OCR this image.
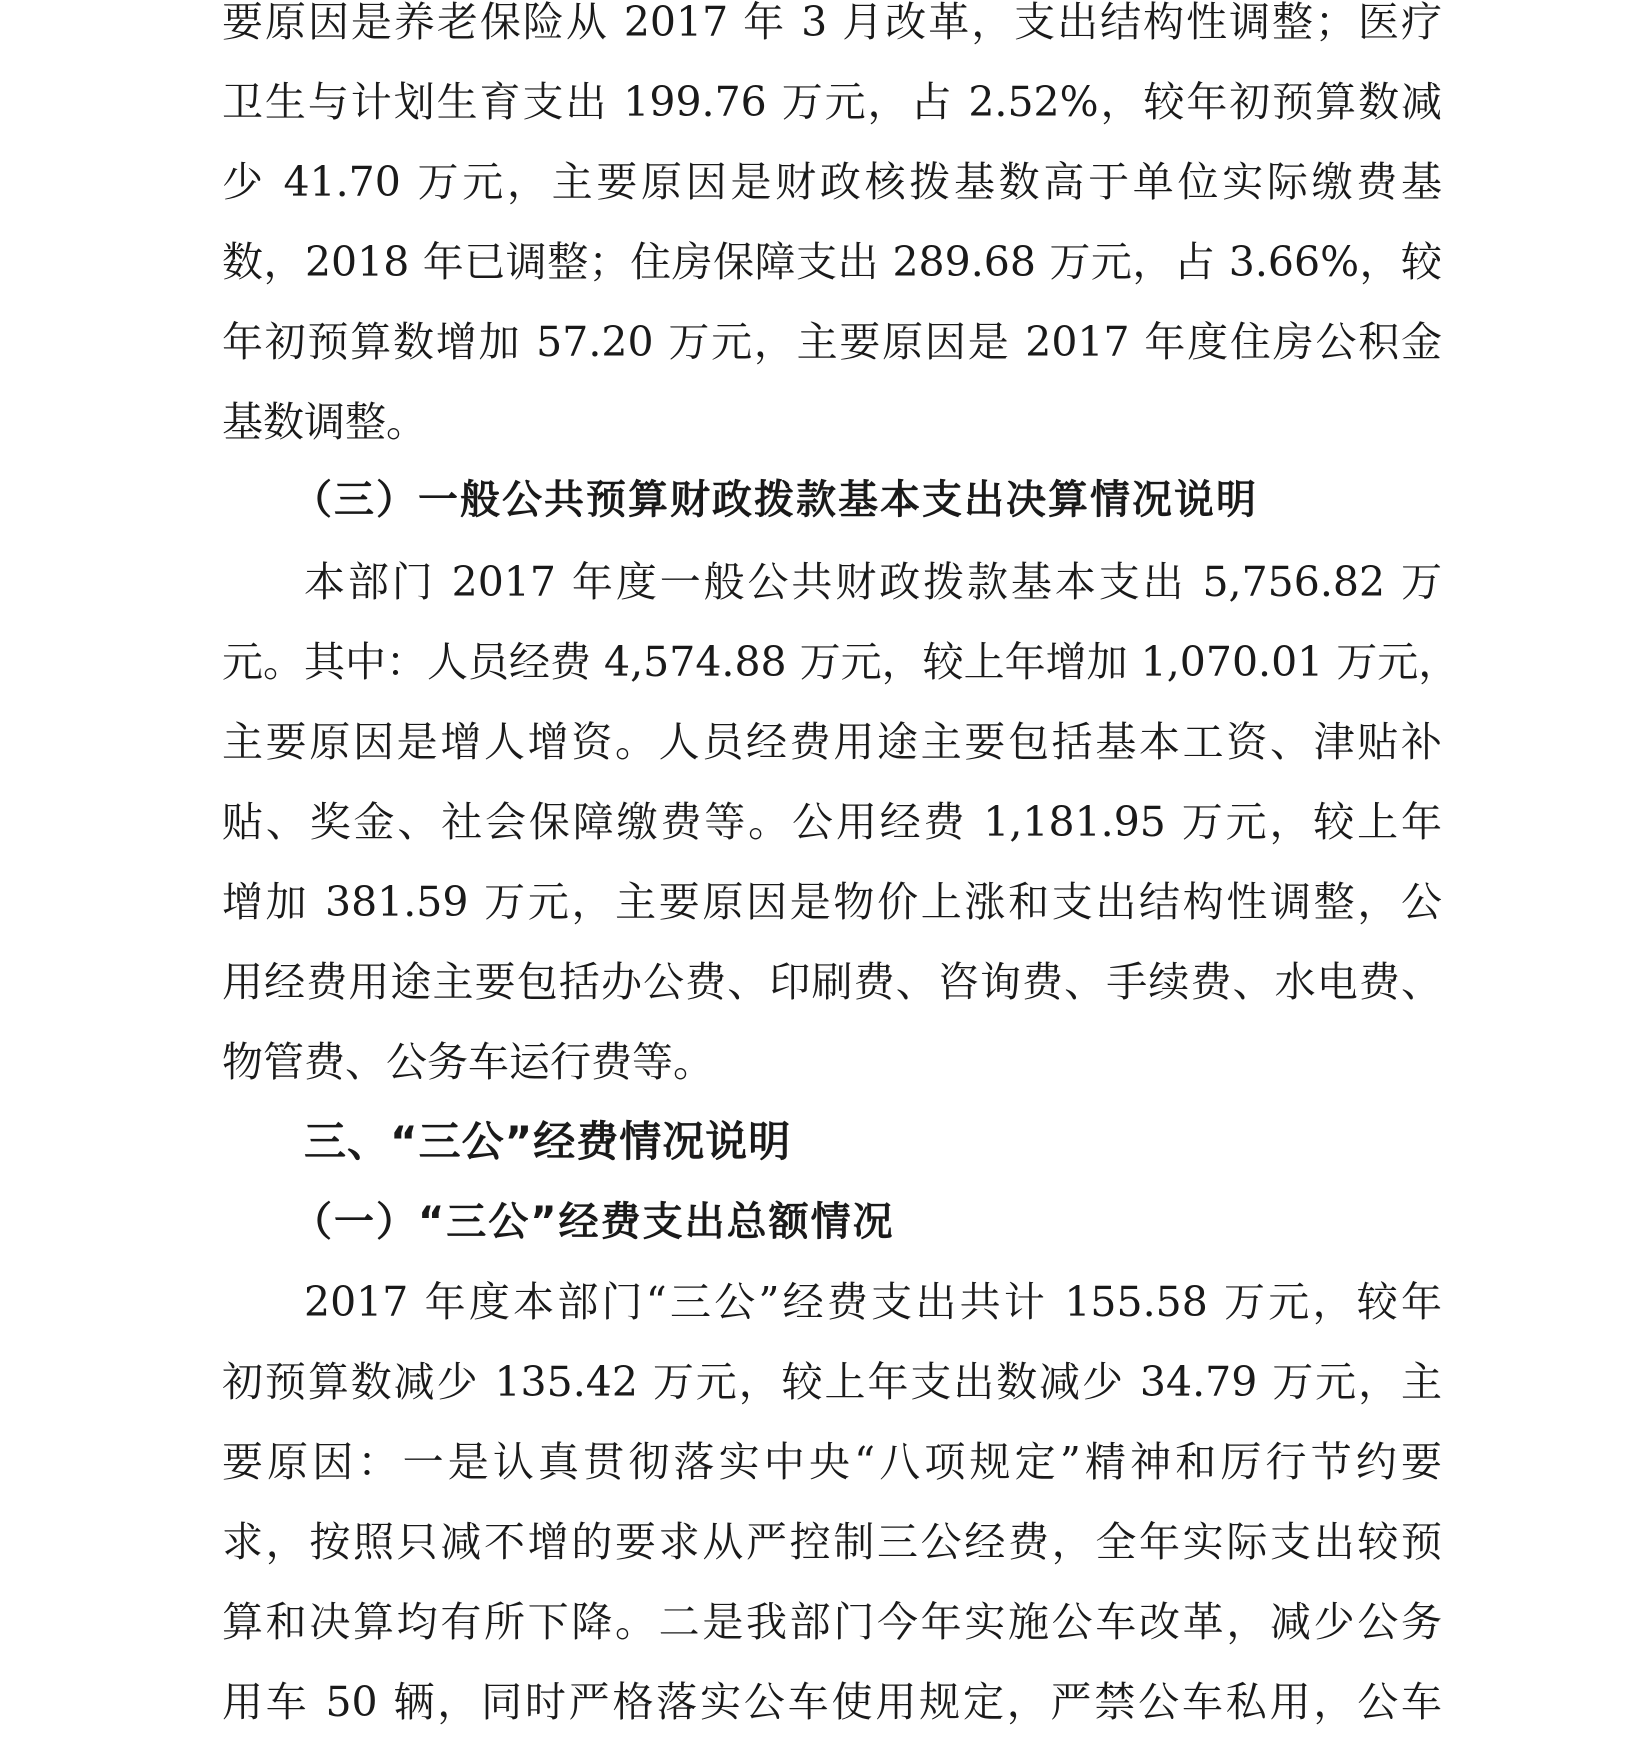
要原因是养老保险从 2017 年 3 月改革，支出结构性调整；医疗
卫生与计划生育支出 199.76 万元，占 2.52%，较年初预算数减
少 41.70 万元，主要原因是财政核拨基数高于单位实际缴费基
数，2018 年已调整；住房保障支出 289.68 万元，占 3.66%，较
年初预算数增加 57.20 万元，主要原因是 2017 年度住房公积金
基数调整。
（三）一般公共预算财政拨款基本支出决算情况说明
本部门 2017 年度一般公共财政拨款基本支出 5,756.82 万
元。其中：人员经费 4,574.88 万元，较上年增加 1,070.01 万元，
主要原因是增人增资。人员经费用途主要包括基本工资、津贴补
贴、奖金、社会保障缴费等。公用经费 1,181.95 万元，较上年
增加 381.59 万元，主要原因是物价上涨和支出结构性调整，公
用经费用途主要包括办公费、印刷费、咨询费、手续费、水电费、
物管费、公务车运行费等。
三、“三公”经费情况说明
（一）“三公”经费支出总额情况
2017 年度本部门“三公”经费支出共计 155.58 万元，较年
初预算数减少 135.42 万元，较上年支出数减少 34.79 万元，主
要原因：一是认真贯彻落实中央“八项规定”精神和厉行节约要
求，按照只减不增的要求从严控制三公经费，全年实际支出较预
算和决算均有所下降。二是我部门今年实施公车改革，减少公务
用车 50 辆，同时严格落实公车使用规定，严禁公车私用，公车
